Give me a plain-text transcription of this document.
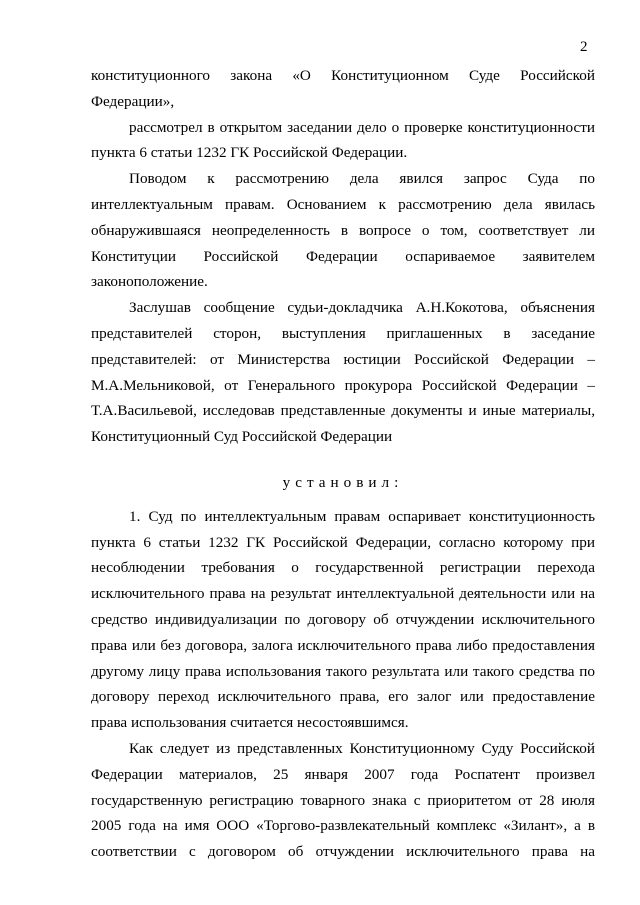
2

конституционного закона «О Конституционном Суде Российской
Федерации»,

рассмотрел в открытом заседании дело о проверке конституционности
пункта 6 статьи 1232 ГК Российской Федерации.

Поводом к рассмотрению дела явился запрос Суда по
интеллектуальным правам. Основанием к рассмотрению дела явилась
обнаружившаяся неопределенность в вопросе о том, соответствует ли
Конституции Российской Федерации оспариваемое заявителем
законоположение.

Заслушав сообщение судьи-докладчика А.Н.Кокотова, объяснения
представителей сторон, выступления приглашенных в заседание
представителей: от Министерства юстиции Российской Федерации –
М.А.Мельниковой, от Генерального прокурора Российской Федерации –
Т.А.Васильевой, исследовав представленные документы и иные материалы,
Конституционный Суд Российской Федерации

установил:

1. Суд по интеллектуальным правам оспаривает конституционность
пункта 6 статьи 1232 ГК Российской Федерации, согласно которому при
несоблюдении требования о государственной регистрации перехода
исключительного права на результат интеллектуальной деятельности или на
средство индивидуализации по договору об отчуждении исключительного
права или без договора, залога исключительного права либо предоставления
другому лицу права использования такого результата или такого средства по
договору переход исключительного права, его залог или предоставление
права использования считается несостоявшимся.

Как следует из представленных Конституционному Суду Российской
Федерации материалов, 25 января 2007 года Роспатент произвел
государственную регистрацию товарного знака с приоритетом от 28 июля
2005 года на имя ООО «Торгово-развлекательный комплекс «Зилант», а в
соответствии с договором об отчуждении исключительного права на
